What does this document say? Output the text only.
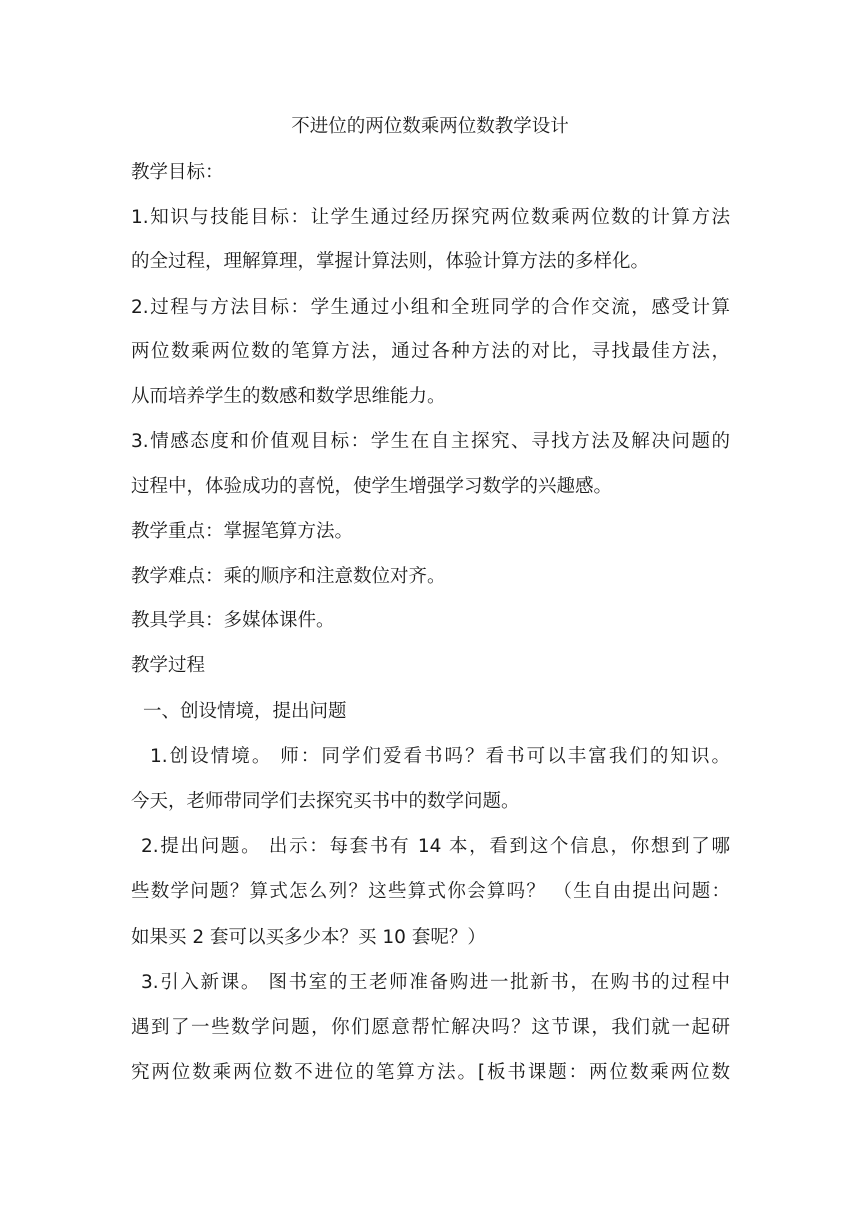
不进位的两位数乘两位数教学设计
教学目标：
1.知识与技能目标：让学生通过经历探究两位数乘两位数的计算方法
的全过程，理解算理，掌握计算法则，体验计算方法的多样化。
2.过程与方法目标：学生通过小组和全班同学的合作交流，感受计算
两位数乘两位数的笔算方法，通过各种方法的对比，寻找最佳方法，
从而培养学生的数感和数学思维能力。
3.情感态度和价值观目标：学生在自主探究、寻找方法及解决问题的
过程中，体验成功的喜悦，使学生增强学习数学的兴趣感。
教学重点：掌握笔算方法。
教学难点：乘的顺序和注意数位对齐。
教具学具：多媒体课件。
教学过程
一、创设情境，提出问题
1.创设情境。 师：同学们爱看书吗？看书可以丰富我们的知识。
今天，老师带同学们去探究买书中的数学问题。
2.提出问题。 出示：每套书有 14 本，看到这个信息，你想到了哪
些数学问题？算式怎么列？这些算式你会算吗？ （生自由提出问题：
如果买 2 套可以买多少本？买 10 套呢？）
3.引入新课。 图书室的王老师准备购进一批新书，在购书的过程中
遇到了一些数学问题，你们愿意帮忙解决吗？这节课，我们就一起研
究两位数乘两位数不进位的笔算方法。[板书课题：两位数乘两位数
